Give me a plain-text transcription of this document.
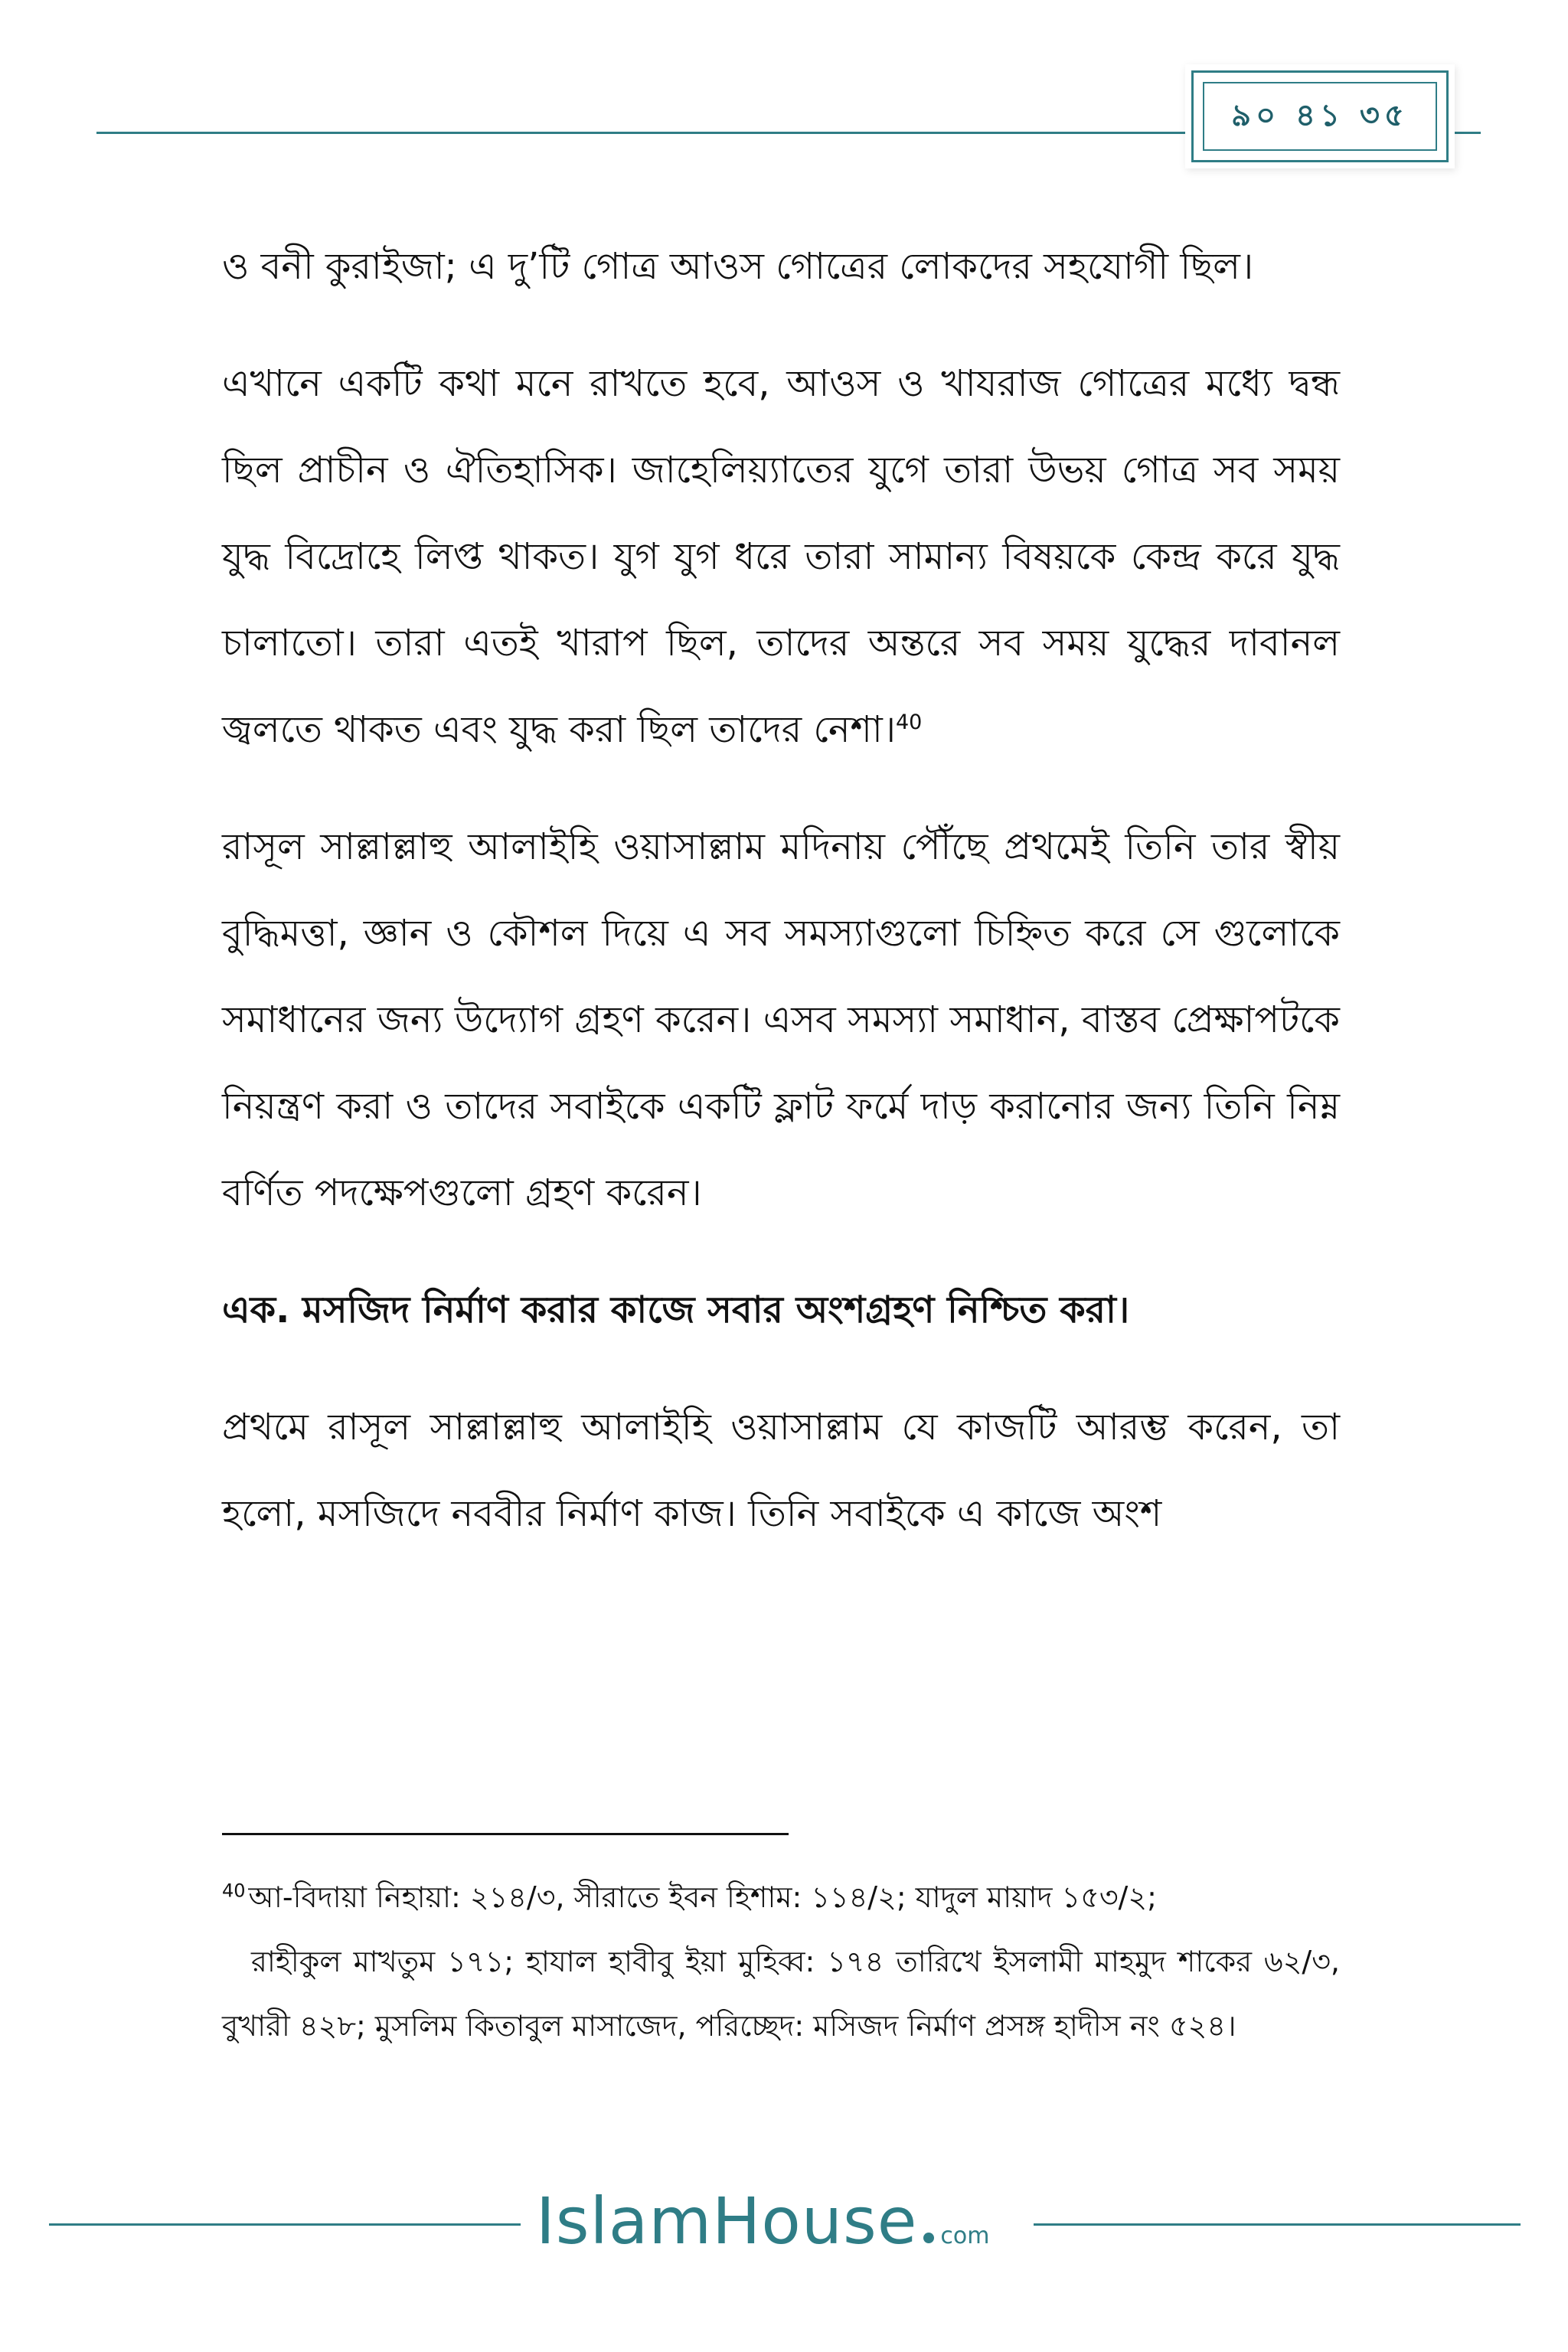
৯০ ৪১ ৩৫

ও বনী কুরাইজা; এ দু’টি গোত্র আওস গোত্রের লোকদের সহযোগী ছিল।

এখানে একটি কথা মনে রাখতে হবে, আওস ও খাযরাজ গোত্রের মধ্যে দ্বন্ধ ছিল প্রাচীন ও ঐতিহাসিক। জাহেলিয়্যাতের যুগে তারা উভয় গোত্র সব সময় যুদ্ধ বিদ্রোহে লিপ্ত থাকত। যুগ যুগ ধরে তারা সামান্য বিষয়কে কেন্দ্র করে যুদ্ধ চালাতো। তারা এতই খারাপ ছিল, তাদের অন্তরে সব সময় যুদ্ধের দাবানল জ্বলতে থাকত এবং যুদ্ধ করা ছিল তাদের নেশা।$^{40}$

রাসূল সাল্লাল্লাহু আলাইহি ওয়াসাল্লাম মদিনায় পৌঁছে প্রথমেই তিনি তার স্বীয় বুদ্ধিমত্তা, জ্ঞান ও কৌশল দিয়ে এ সব সমস্যাগুলো চিহ্নিত করে সে গুলোকে সমাধানের জন্য উদ্যোগ গ্রহণ করেন। এসব সমস্যা সমাধান, বাস্তব প্রেক্ষাপটকে নিয়ন্ত্রণ করা ও তাদের সবাইকে একটি ফ্লাট ফর্মে দাড় করানোর জন্য তিনি নিম্ন বর্ণিত পদক্ষেপগুলো গ্রহণ করেন।

এক. মসজিদ নির্মাণ করার কাজে সবার অংশগ্রহণ নিশ্চিত করা।

প্রথমে রাসূল সাল্লাল্লাহু আলাইহি ওয়াসাল্লাম যে কাজটি আরম্ভ করেন, তা হলো, মসজিদে নববীর নির্মাণ কাজ। তিনি সবাইকে এ কাজে অংশ

$^{40}$ আ-বিদায়া নিহায়া: ২১৪/৩, সীরাতে ইবন হিশাম: ১১৪/২; যাদুল মায়াদ ১৫৩/২;
রাহীকুল মাখতুম ১৭১; হাযাল হাবীবু ইয়া মুহিব্ব: ১৭৪ তারিখে ইসলামী মাহমুদ শাকের ৬২/৩, বুখারী ৪২৮; মুসলিম কিতাবুল মাসাজেদ, পরিচ্ছেদ: মসিজদ নির্মাণ প্রসঙ্গ হাদীস নং ৫২৪।
IslamHouse com
